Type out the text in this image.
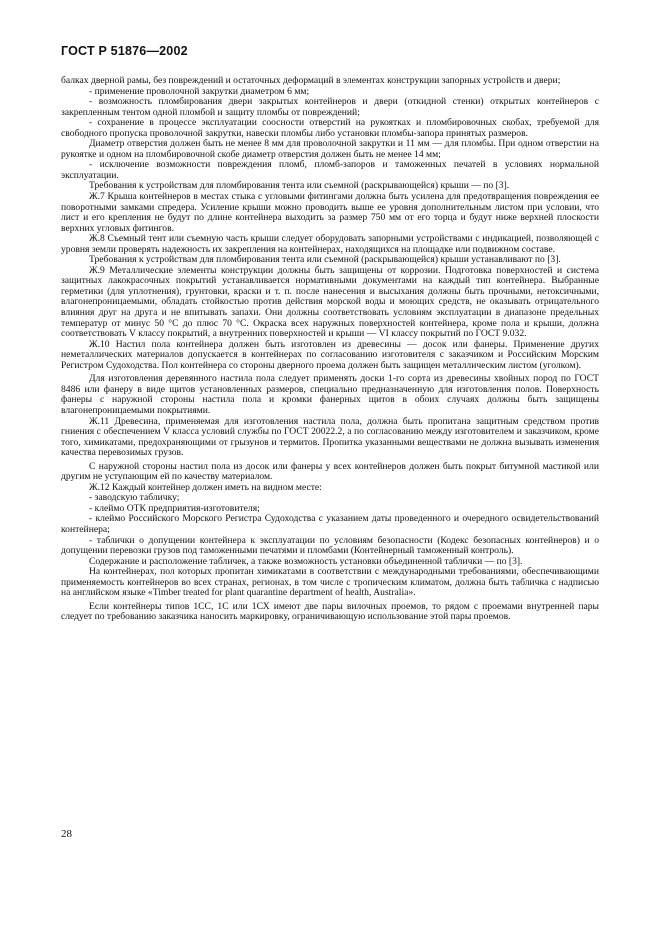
ГОСТ Р 51876—2002

балках дверной рамы, без повреждений и остаточных деформаций в элементах конструкции запорных устройств и двери;

- применение проволочной закрутки диаметром 6 мм;

- возможность пломбирования двери закрытых контейнеров и двери (откидной стенки) открытых контейнеров с закрепленным тентом одной пломбой и защиту пломбы от повреждений;

- сохранение в процессе эксплуатации соосности отверстий на рукоятках и пломбировочных скобах, требуемой для свободного пропуска проволочной закрутки, навески пломбы либо установки пломбы-запора принятых размеров.

Диаметр отверстия должен быть не менее 8 мм для проволочной закрутки и 11 мм — для пломбы. При одном отверстии на рукоятке и одном на пломбировочной скобе диаметр отверстия должен быть не менее 14 мм;

- исключение возможности повреждения пломб, пломб-запоров и таможенных печатей в условиях нормальной эксплуатации.

Требования к устройствам для пломбирования тента или съемной (раскрывающейся) крыши — по [3].

Ж.7 Крыша контейнеров в местах стыка с угловыми фитингами должна быть усилена для предотвращения повреждения ее поворотными замками спредера. Усиление крыши можно проводить выше ее уровня дополнительным листом при условии, что лист и его крепления не будут по длине контейнера выходить за размер 750 мм от его торца и будут ниже верхней плоскости верхних угловых фитингов.

Ж.8 Съемный тент или съемную часть крыши следует оборудовать запорными устройствами с индикацией, позволяющей с уровня земли проверять надежность их закрепления на контейнерах, находящихся на площадке или подвижном составе.

Требования к устройствам для пломбирования тента или съемной (раскрывающейся) крыши устанавливают по [3].

Ж.9 Металлические элементы конструкции должны быть защищены от коррозии. Подготовка поверхностей и система защитных лакокрасочных покрытий устанавливается нормативными документами на каждый тип контейнера. Выбранные герметики (для уплотнения), грунтовки, краски и т. п. после нанесения и высыхания должны быть прочными, нетоксичными, влагонепроницаемыми, обладать стойкостью против действия морской воды и моющих средств, не оказывать отрицательного влияния друг на друга и не впитывать запахи. Они должны соответствовать условиям эксплуатации в диапазоне предельных температур от минус 50 °С до плюс 70 °С. Окраска всех наружных поверхностей контейнера, кроме пола и крыши, должна соответствовать V классу покрытий, а внутренних поверхностей и крыши — VI классу покрытий по ГОСТ 9.032.

Ж.10 Настил пола контейнера должен быть изготовлен из древесины — досок или фанеры. Применение других неметаллических материалов допускается в контейнерах по согласованию изготовителя с заказчиком и Российским Морским Регистром Судоходства. Пол контейнера со стороны дверного проема должен быть защищен металлическим листом (уголком).

Для изготовления деревянного настила пола следует применять доски 1-го сорта из древесины хвойных пород по ГОСТ 8486 или фанеру в виде щитов установленных размеров, специально предназначенную для изготовления полов. Поверхность фанеры с наружной стороны настила пола и кромки фанерных щитов в обоих случаях должны быть защищены влагонепроницаемыми покрытиями.

Ж.11 Древесина, применяемая для изготовления настила пола, должна быть пропитана защитным средством против гниения с обеспечением V класса условий службы по ГОСТ 20022.2, а по согласованию между изготовителем и заказчиком, кроме того, химикатами, предохраняющими от грызунов и термитов. Пропитка указанными веществами не должна вызывать изменения качества перевозимых грузов.

С наружной стороны настил пола из досок или фанеры у всех контейнеров должен быть покрыт битумной мастикой или другим не уступающим ей по качеству материалом.

Ж.12 Каждый контейнер должен иметь на видном месте:

- заводскую табличку;

- клеймо ОТК предприятия-изготовителя;

- клеймо Российского Морского Регистра Судоходства с указанием даты проведенного и очередного освидетельствований контейнера;

- таблички о допущении контейнера к эксплуатации по условиям безопасности (Кодекс безопасных контейнеров) и о допущении перевозки грузов под таможенными печатями и пломбами (Контейнерный таможенный контроль).

Содержание и расположение табличек, а также возможность установки объединенной таблички — по [3].

На контейнерах, пол которых пропитан химикатами в соответствии с международными требованиями, обеспечивающими применяемость контейнеров во всех странах, регионах, в том числе с тропическим климатом, должна быть табличка с надписью на английском языке «Timber treated for plant quarantine department of health, Australia».

Если контейнеры типов 1СС, 1С или 1СХ имеют две пары вилочных проемов, то рядом с проемами внутренней пары следует по требованию заказчика наносить маркировку, ограничивающую использование этой пары проемов.

28
